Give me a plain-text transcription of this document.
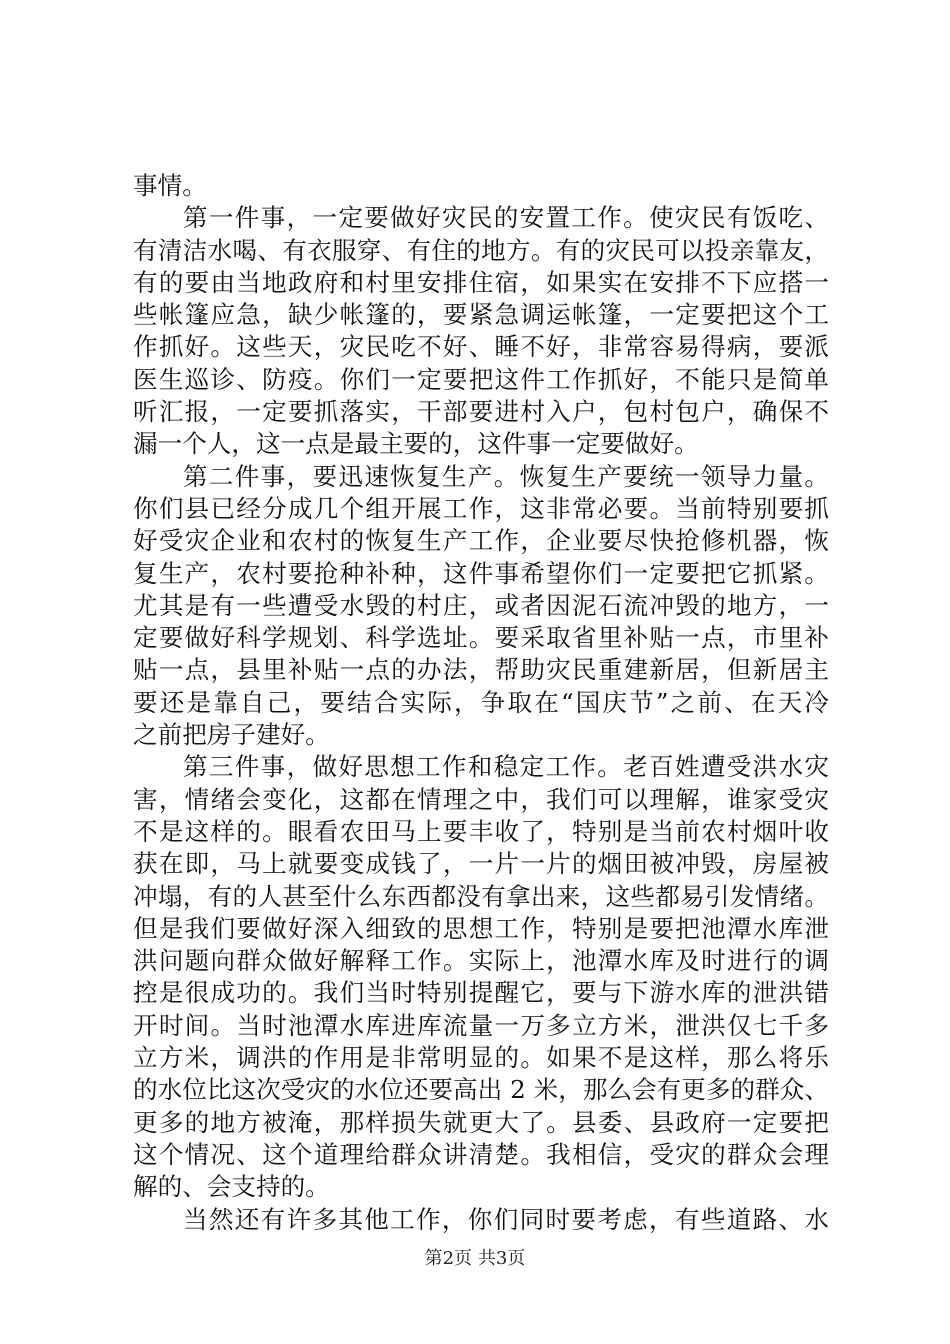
事情。
第一件事，一定要做好灾民的安置工作。使灾民有饭吃、
有清洁水喝、有衣服穿、有住的地方。有的灾民可以投亲靠友，
有的要由当地政府和村里安排住宿，如果实在安排不下应搭一
些帐篷应急，缺少帐篷的，要紧急调运帐篷，一定要把这个工
作抓好。这些天，灾民吃不好、睡不好，非常容易得病，要派
医生巡诊、防疫。你们一定要把这件工作抓好，不能只是简单
听汇报，一定要抓落实，干部要进村入户，包村包户，确保不
漏一个人，这一点是最主要的，这件事一定要做好。
第二件事，要迅速恢复生产。恢复生产要统一领导力量。
你们县已经分成几个组开展工作，这非常必要。当前特别要抓
好受灾企业和农村的恢复生产工作，企业要尽快抢修机器，恢
复生产，农村要抢种补种，这件事希望你们一定要把它抓紧。
尤其是有一些遭受水毁的村庄，或者因泥石流冲毁的地方，一
定要做好科学规划、科学选址。要采取省里补贴一点，市里补
贴一点，县里补贴一点的办法，帮助灾民重建新居，但新居主
要还是靠自己，要结合实际，争取在“国庆节”之前、在天冷
之前把房子建好。
第三件事，做好思想工作和稳定工作。老百姓遭受洪水灾
害，情绪会变化，这都在情理之中，我们可以理解，谁家受灾
不是这样的。眼看农田马上要丰收了，特别是当前农村烟叶收
获在即，马上就要变成钱了，一片一片的烟田被冲毁，房屋被
冲塌，有的人甚至什么东西都没有拿出来，这些都易引发情绪。
但是我们要做好深入细致的思想工作，特别是要把池潭水库泄
洪问题向群众做好解释工作。实际上，池潭水库及时进行的调
控是很成功的。我们当时特别提醒它，要与下游水库的泄洪错
开时间。当时池潭水库进库流量一万多立方米，泄洪仅七千多
立方米，调洪的作用是非常明显的。如果不是这样，那么将乐
的水位比这次受灾的水位还要高出 2 米，那么会有更多的群众、
更多的地方被淹，那样损失就更大了。县委、县政府一定要把
这个情况、这个道理给群众讲清楚。我相信，受灾的群众会理
解的、会支持的。
当然还有许多其他工作，你们同时要考虑，有些道路、水
第2页 共3页
